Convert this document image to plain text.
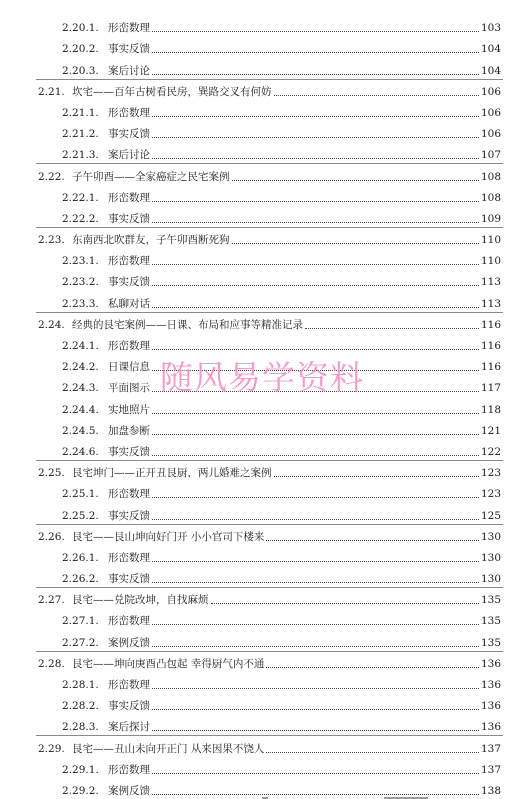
2.20.1. 形峦数理	103
2.20.2. 事实反馈	104
2.20.3. 案后讨论	104
2.21. 坎宅——百年古树看民房，巽路交叉有何妨	106
2.21.1. 形峦数理	106
2.21.2. 事实反馈	106
2.21.3. 案后讨论	107
2.22. 子午卯酉——全家癌症之民宅案例	108
2.22.1. 形峦数理	108
2.22.2. 事实反馈	109
2.23. 东南西北吹群友，子午卯酉断死狗	110
2.23.1. 形峦数理	110
2.23.2. 事实反馈	113
2.23.3. 私聊对话	113
2.24. 经典的艮宅案例——日课、布局和应事等精准记录	116
2.24.1. 形峦数理	116
2.24.2. 日课信息	116
2.24.3. 平面图示	117
2.24.4. 实地照片	118
2.24.5. 加盘参断	121
2.24.6. 事实反馈	122
2.25. 艮宅坤门——正开丑艮厨，两儿婚难之案例	123
2.25.1. 形峦数理	123
2.25.2. 事实反馈	125
2.26. 艮宅——艮山坤向好门开 小小官司下楼来	130
2.26.1. 形峦数理	130
2.26.2. 事实反馈	130
2.27. 艮宅——兑院改坤，自找麻烦	135
2.27.1. 形峦数理	135
2.27.2. 案例反馈	135
2.28. 艮宅——坤向庚酉凸包起 幸得厨气内不通	136
2.28.1. 形峦数理	136
2.28.2. 事实反馈	136
2.28.3. 案后探讨	136
2.29. 艮宅——丑山未向开正门 从来因果不饶人	137
2.29.1. 形峦数理	137
2.29.2. 案例反馈	138
随风易学资料
